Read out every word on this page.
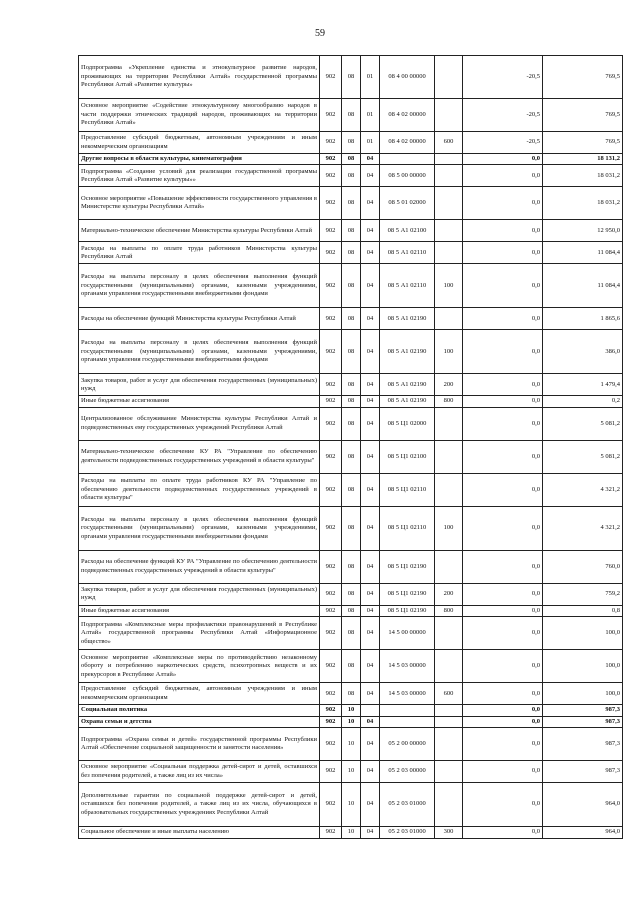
59
Подпрограмма «Укрепление единства и этнокультурное развитие народов, проживающих на территории Республики Алтай» государственной программы Республики Алтай «Развитие культуры»	902	08	01	08 4 00 00000		-20,5	769,5
Основное мероприятие «Содействие этнокультурному многообразию народов в части поддержки этнических традиций народов, проживающих на территории Республики Алтай»	902	08	01	08 4 02 00000		-20,5	769,5
Предоставление субсидий бюджетным, автономным учреждениям и иным некоммерческим организациям	902	08	01	08 4 02 00000	600	-20,5	769,5
Другие вопросы в области культуры, кинематографии	902	08	04			0,0	18 131,2
Подпрограмма «Создание условий для реализации государственной программы Республики Алтай «Развитие культуры»»	902	08	04	08 5 00 00000		0,0	18 031,2
Основное мероприятие «Повышение эффективности государственного управления в Министерстве культуры Республики Алтай»	902	08	04	08 5 01 02000		0,0	18 031,2
Материально-техническое обеспечение Министерства культуры Республики Алтай	902	08	04	08 5 А1 02100		0,0	12 950,0
Расходы на выплаты по оплате труда работников Министерства культуры Республики Алтай	902	08	04	08 5 А1 02110		0,0	11 084,4
Расходы на выплаты персоналу в целях обеспечения выполнения функций государственными (муниципальными) органами, казенными учреждениями, органами управления государственными внебюджетными фондами	902	08	04	08 5 А1 02110	100	0,0	11 084,4
Расходы на обеспечение функций Министерства культуры Республики Алтай	902	08	04	08 5 А1 02190		0,0	1 865,6
Расходы на выплаты персоналу в целях обеспечения выполнения функций государственными (муниципальными) органами, казенными учреждениями, органами управления государственными внебюджетными фондами	902	08	04	08 5 А1 02190	100	0,0	386,0
Закупка товаров, работ и услуг для обеспечения государственных (муниципальных) нужд	902	08	04	08 5 А1 02190	200	0,0	1 479,4
Иные бюджетные ассигнования	902	08	04	08 5 А1 02190	800	0,0	0,2
Централизованное обслуживание Министерства культуры Республики Алтай и подведомственных ему государственных учреждений Республики Алтай	902	08	04	08 5 Ц1 02000		0,0	5 081,2
Материально-техническое обеспечение КУ РА "Управление по обеспечению деятельности подведомственных государственных учреждений в области культуры"	902	08	04	08 5 Ц1 02100		0,0	5 081,2
Расходы на выплаты по оплате труда работников КУ РА "Управление по обеспечению деятельности подведомственных государственных учреждений в области культуры"	902	08	04	08 5 Ц1 02110		0,0	4 321,2
Расходы на выплаты персоналу в целях обеспечения выполнения функций государственными (муниципальными) органами, казенными учреждениями, органами управления государственными внебюджетными фондами	902	08	04	08 5 Ц1 02110	100	0,0	4 321,2
Расходы на обеспечение функций КУ РА "Управление по обеспечению деятельности подведомственных государственных учреждений в области культуры"	902	08	04	08 5 Ц1 02190		0,0	760,0
Закупка товаров, работ и услуг для обеспечения государственных (муниципальных) нужд	902	08	04	08 5 Ц1 02190	200	0,0	759,2
Иные бюджетные ассигнования	902	08	04	08 5 Ц1 02190	800	0,0	0,8
Подпрограмма «Комплексные меры профилактики правонарушений в Республике Алтай» государственной программы Республики Алтай «Информационное общество»	902	08	04	14 5 00 00000		0,0	100,0
Основное мероприятие «Комплексные меры по противодействию незаконному обороту и потреблению наркотических средств, психотропных веществ и их прекурсоров в Республике Алтай»	902	08	04	14 5 03 00000		0,0	100,0
Предоставление субсидий бюджетным, автономным учреждениям и иным некоммерческим организациям	902	08	04	14 5 03 00000	600	0,0	100,0
Социальная политика	902	10				0,0	987,3
Охрана семьи и детства	902	10	04			0,0	987,3
Подпрограмма «Охрана семьи и детей» государственной программы Республики Алтай «Обеспечение социальной защищенности и занятости населения»	902	10	04	05 2 00 00000		0,0	987,3
Основное мероприятие «Социальная поддержка детей-сирот и детей, оставшихся без попечения родителей, а также лиц из их числа»	902	10	04	05 2 03 00000		0,0	987,3
Дополнительные гарантии по социальной поддержке детей-сирот и детей, оставшихся без попечения родителей, а также лиц из их числа, обучающихся в образовательных государственных учреждениях Республики Алтай	902	10	04	05 2 03 01000		0,0	964,0
Социальное обеспечение и иные выплаты населению	902	10	04	05 2 03 01000	300	0,0	964,0
